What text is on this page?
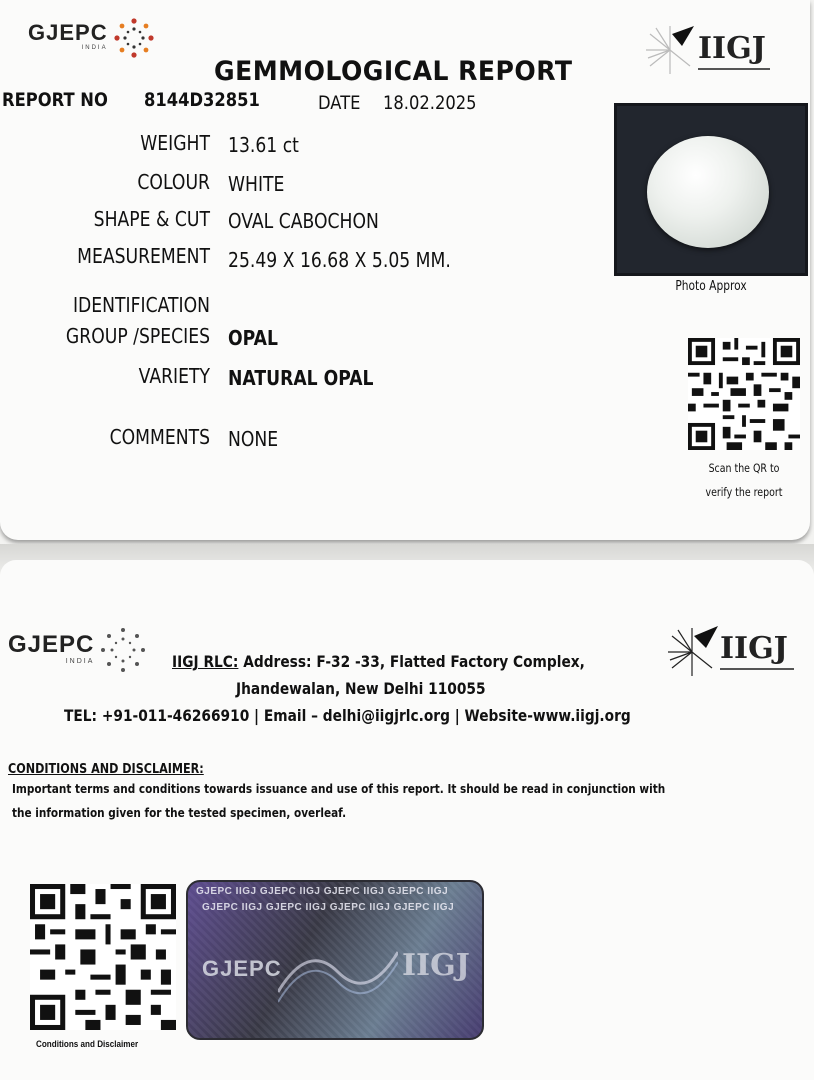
GJEPC
INDIA	IIGJ
GEMMOLOGICAL REPORT
REPORT NO 8144D32851	DATE 18.02.2025
WEIGHT 13.61 ct
COLOUR WHITE
SHAPE & CUT OVAL CABOCHON
MEASUREMENT 25.49 X 16.68 X 5.05 MM.
IDENTIFICATION
GROUP /SPECIES OPAL
VARIETY NATURAL OPAL
COMMENTS NONE
Photo Approx
Scan the QR to
verify the report
GJEPC
INDIA	IIGJ
IIGJ RLC: Address: F-32 -33, Flatted Factory Complex,
Jhandewalan, New Delhi 110055
TEL: +91-011-46266910 | Email – delhi@iigjrlc.org | Website-www.iigj.org
CONDITIONS AND DISCLAIMER:
Important terms and conditions towards issuance and use of this report. It should be read in conjunction with
the information given for the tested specimen, overleaf.
Conditions and Disclaimer
GJEPC IIGJ GJEPC IIGJ GJEPC IIGJ GJEPC IIGJ
GJEPC IIGJ GJEPC IIGJ GJEPC IIGJ GJEPC IIGJ
GJEPC	IIGJ
